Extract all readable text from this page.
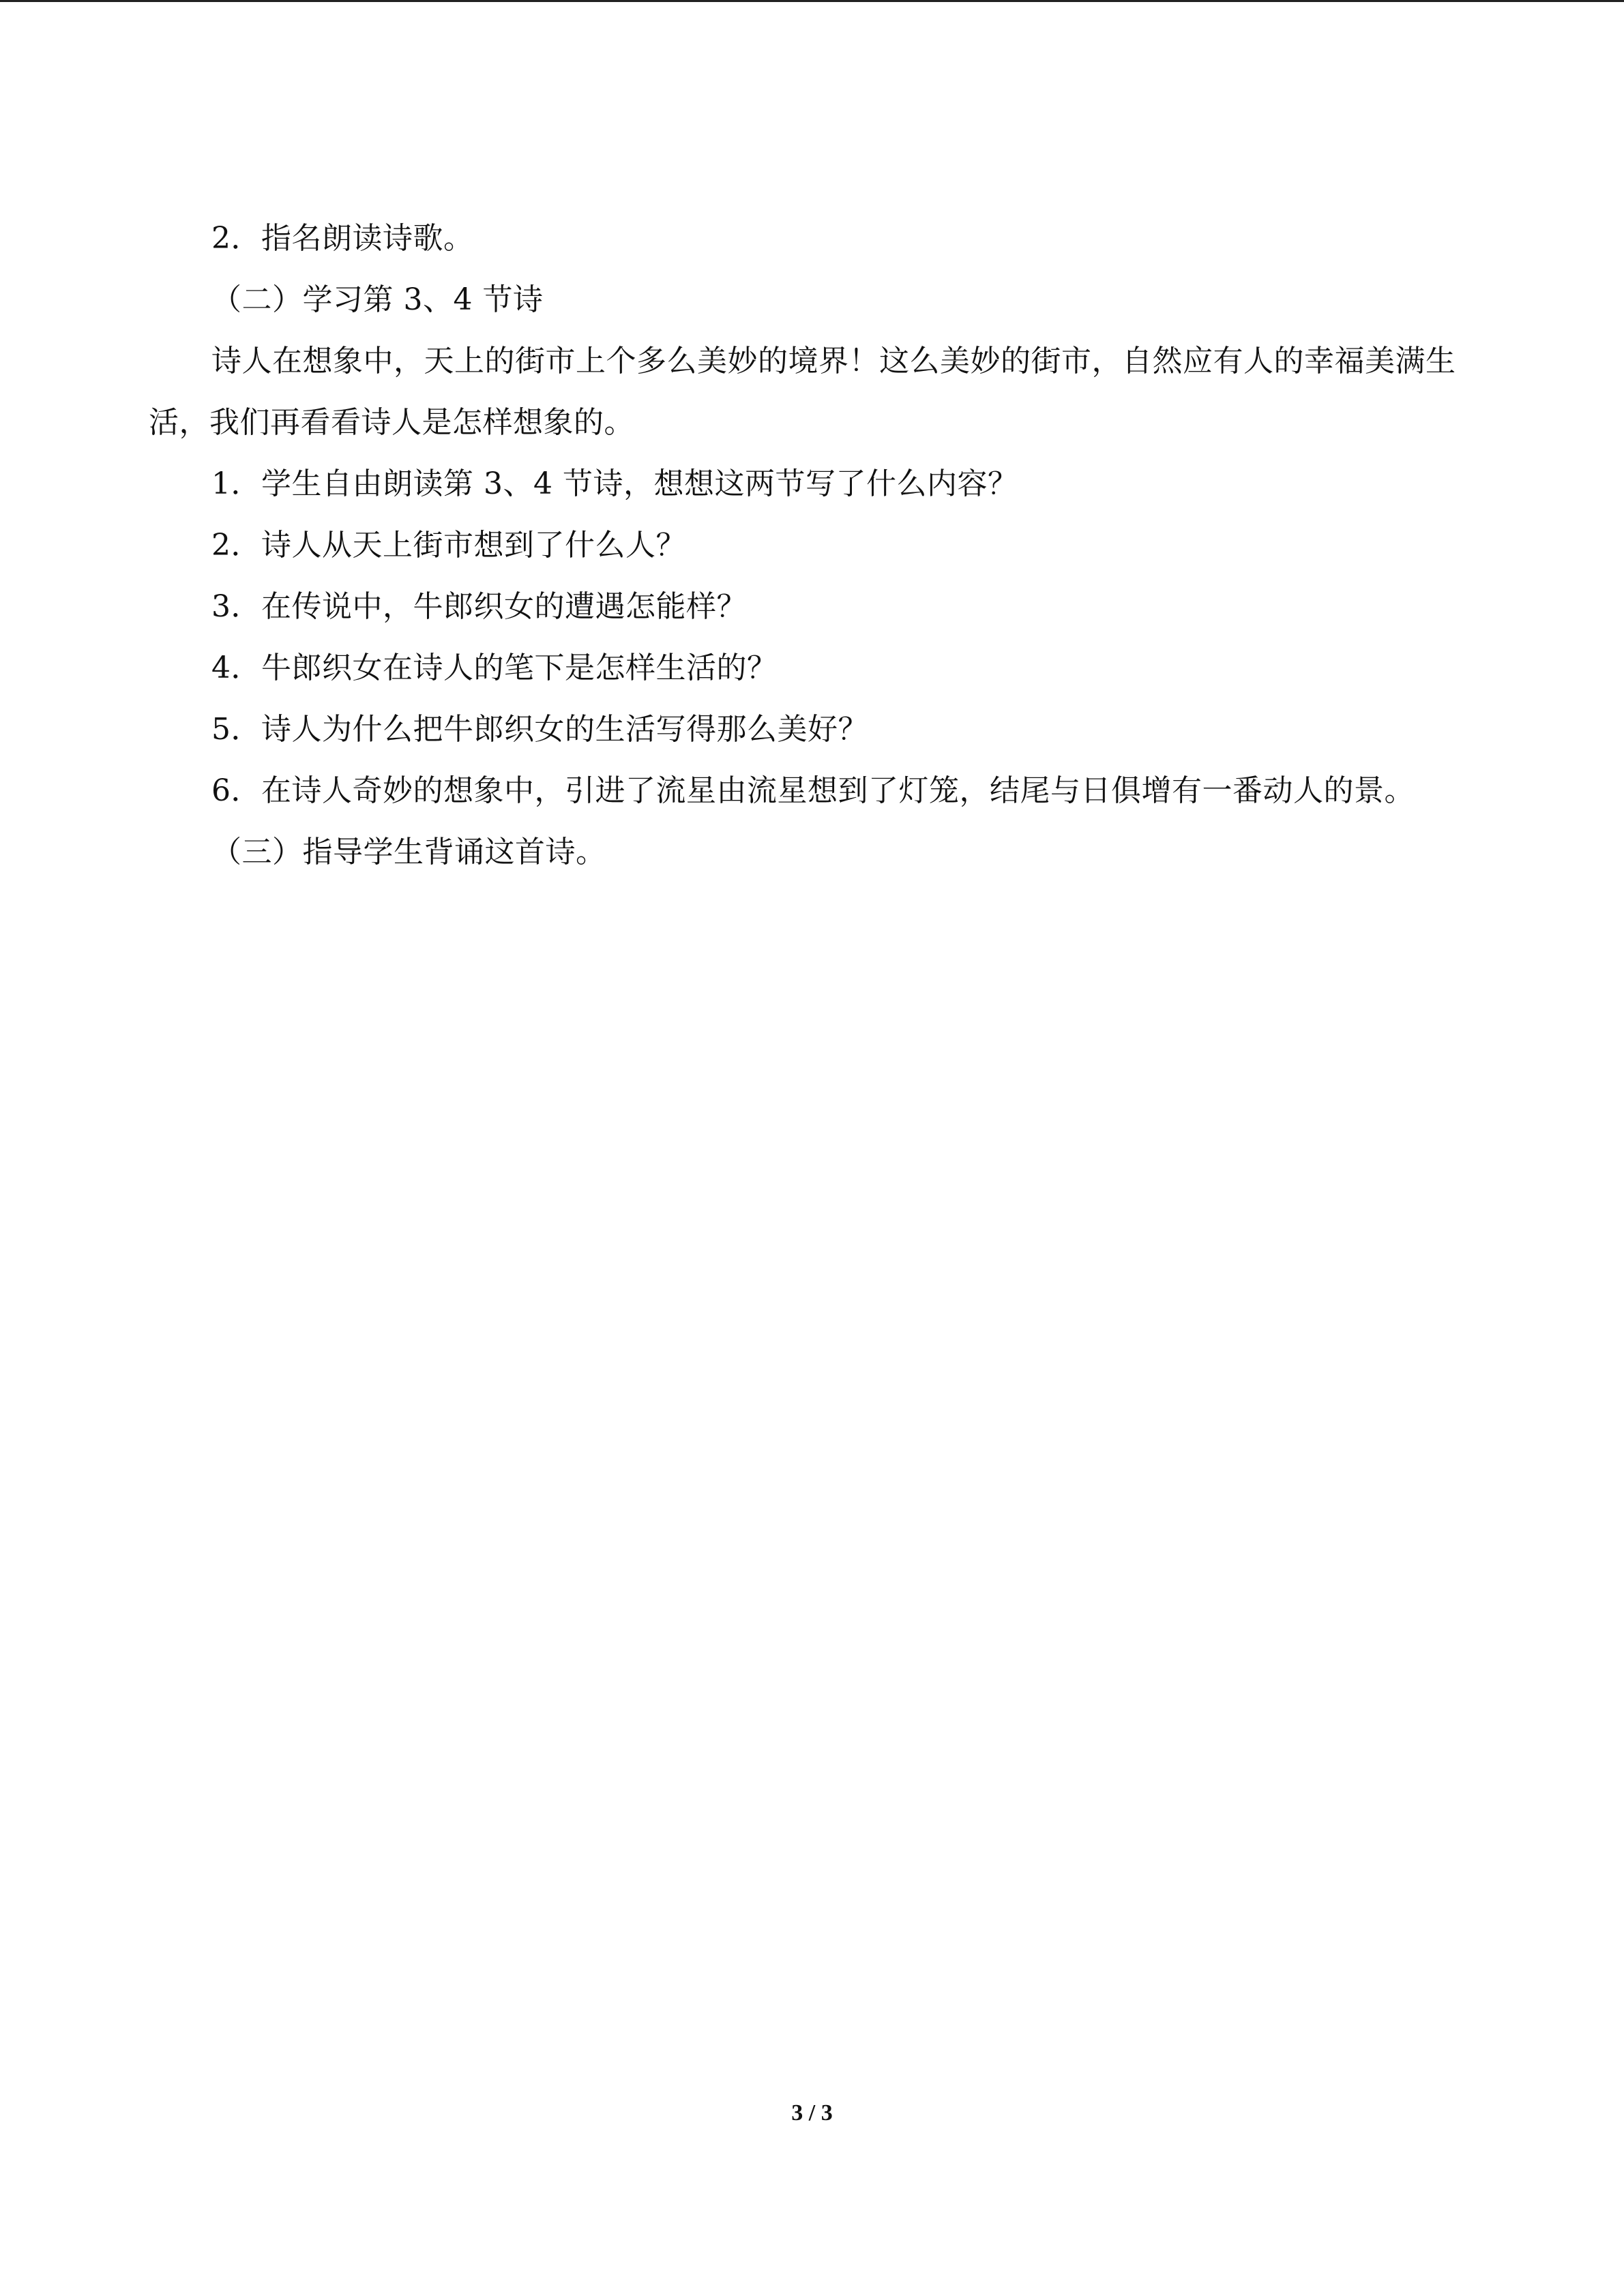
2．指名朗读诗歌。

（二）学习第 3、4 节诗

诗人在想象中，天上的街市上个多么美妙的境界！这么美妙的街市，自然应有人的幸福美满生活，我们再看看诗人是怎样想象的。

1．学生自由朗读第 3、4 节诗，想想这两节写了什么内容？

2．诗人从天上街市想到了什么人？

3．在传说中，牛郎织女的遭遇怎能样？

4．牛郎织女在诗人的笔下是怎样生活的？

5．诗人为什么把牛郎织女的生活写得那么美好？

6．在诗人奇妙的想象中，引进了流星由流星想到了灯笼，结尾与日俱增有一番动人的景。

（三）指导学生背诵这首诗。

3 / 3
